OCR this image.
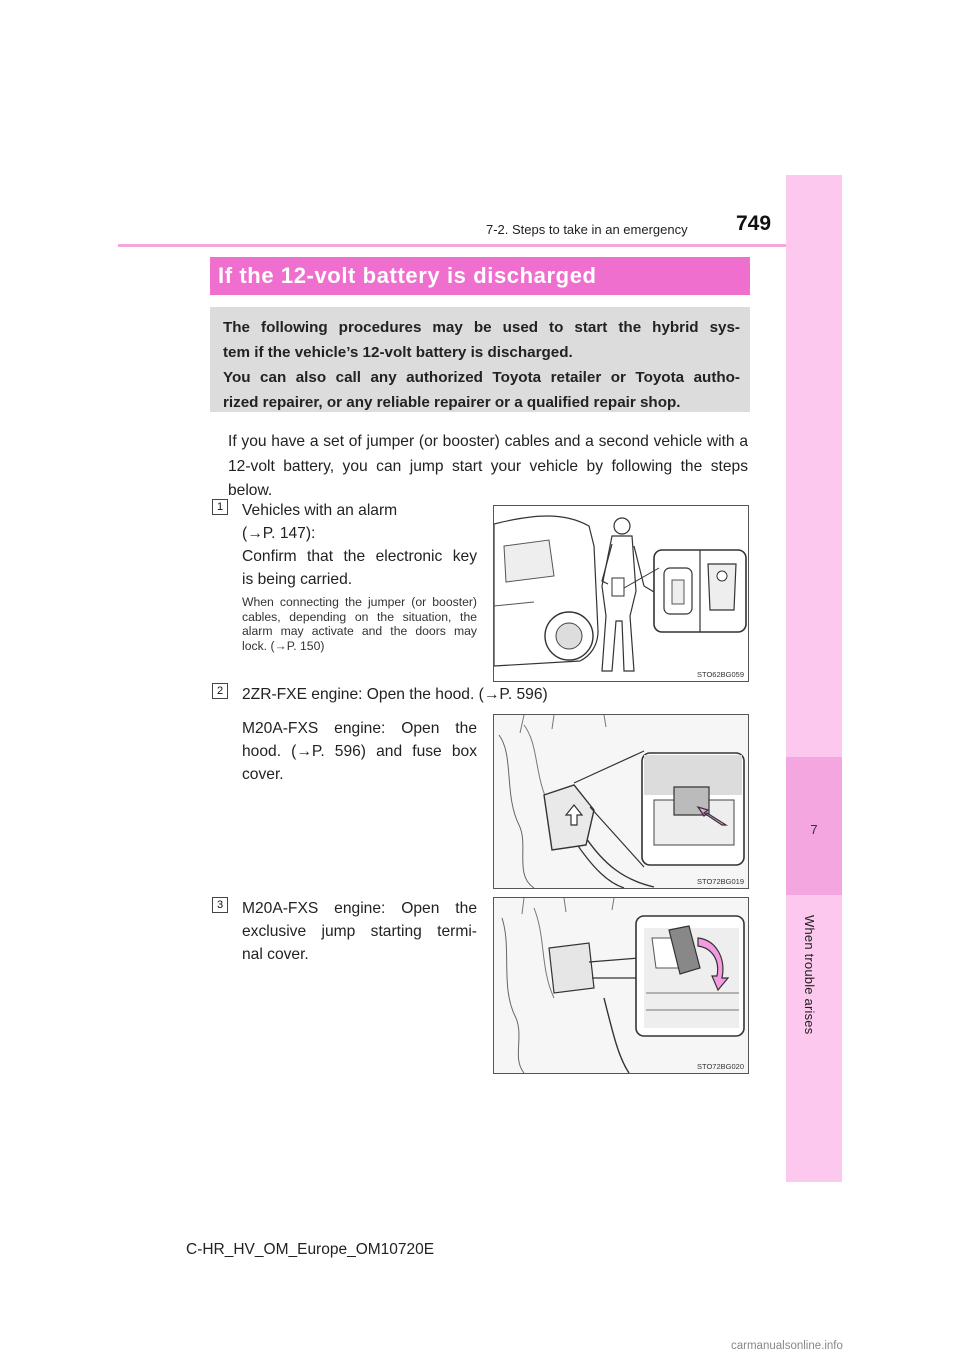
7
When trouble arises
7-2. Steps to take in an emergency 749
If the 12-volt battery is discharged

The following procedures may be used to start the hybrid sys-

tem if the vehicle’s 12-volt battery is discharged.

You can also call any authorized Toyota retailer or Toyota autho-

rized repairer, or any reliable repairer or a qualified repair shop.

If you have a set of jumper (or booster) cables and a second vehicle with a 12-volt battery, you can jump start your vehicle by following the steps below.
1	Vehicles with an alarm
(→P. 147):
Confirm that the electronic key
is being carried.
When connecting the jumper (or booster) cables, depending on the situation, the alarm may activate and the doors may lock. (→P. 150)
STO62BG059
2	2ZR-FXE engine: Open the hood. (→P. 596)
M20A-FXS engine: Open the
hood. (→P. 596) and fuse box
cover.
STO72BG019
3	M20A-FXS engine: Open the
exclusive jump starting termi-
nal cover.
STO72BG020
C-HR_HV_OM_Europe_OM10720E
carmanualsonline.info
